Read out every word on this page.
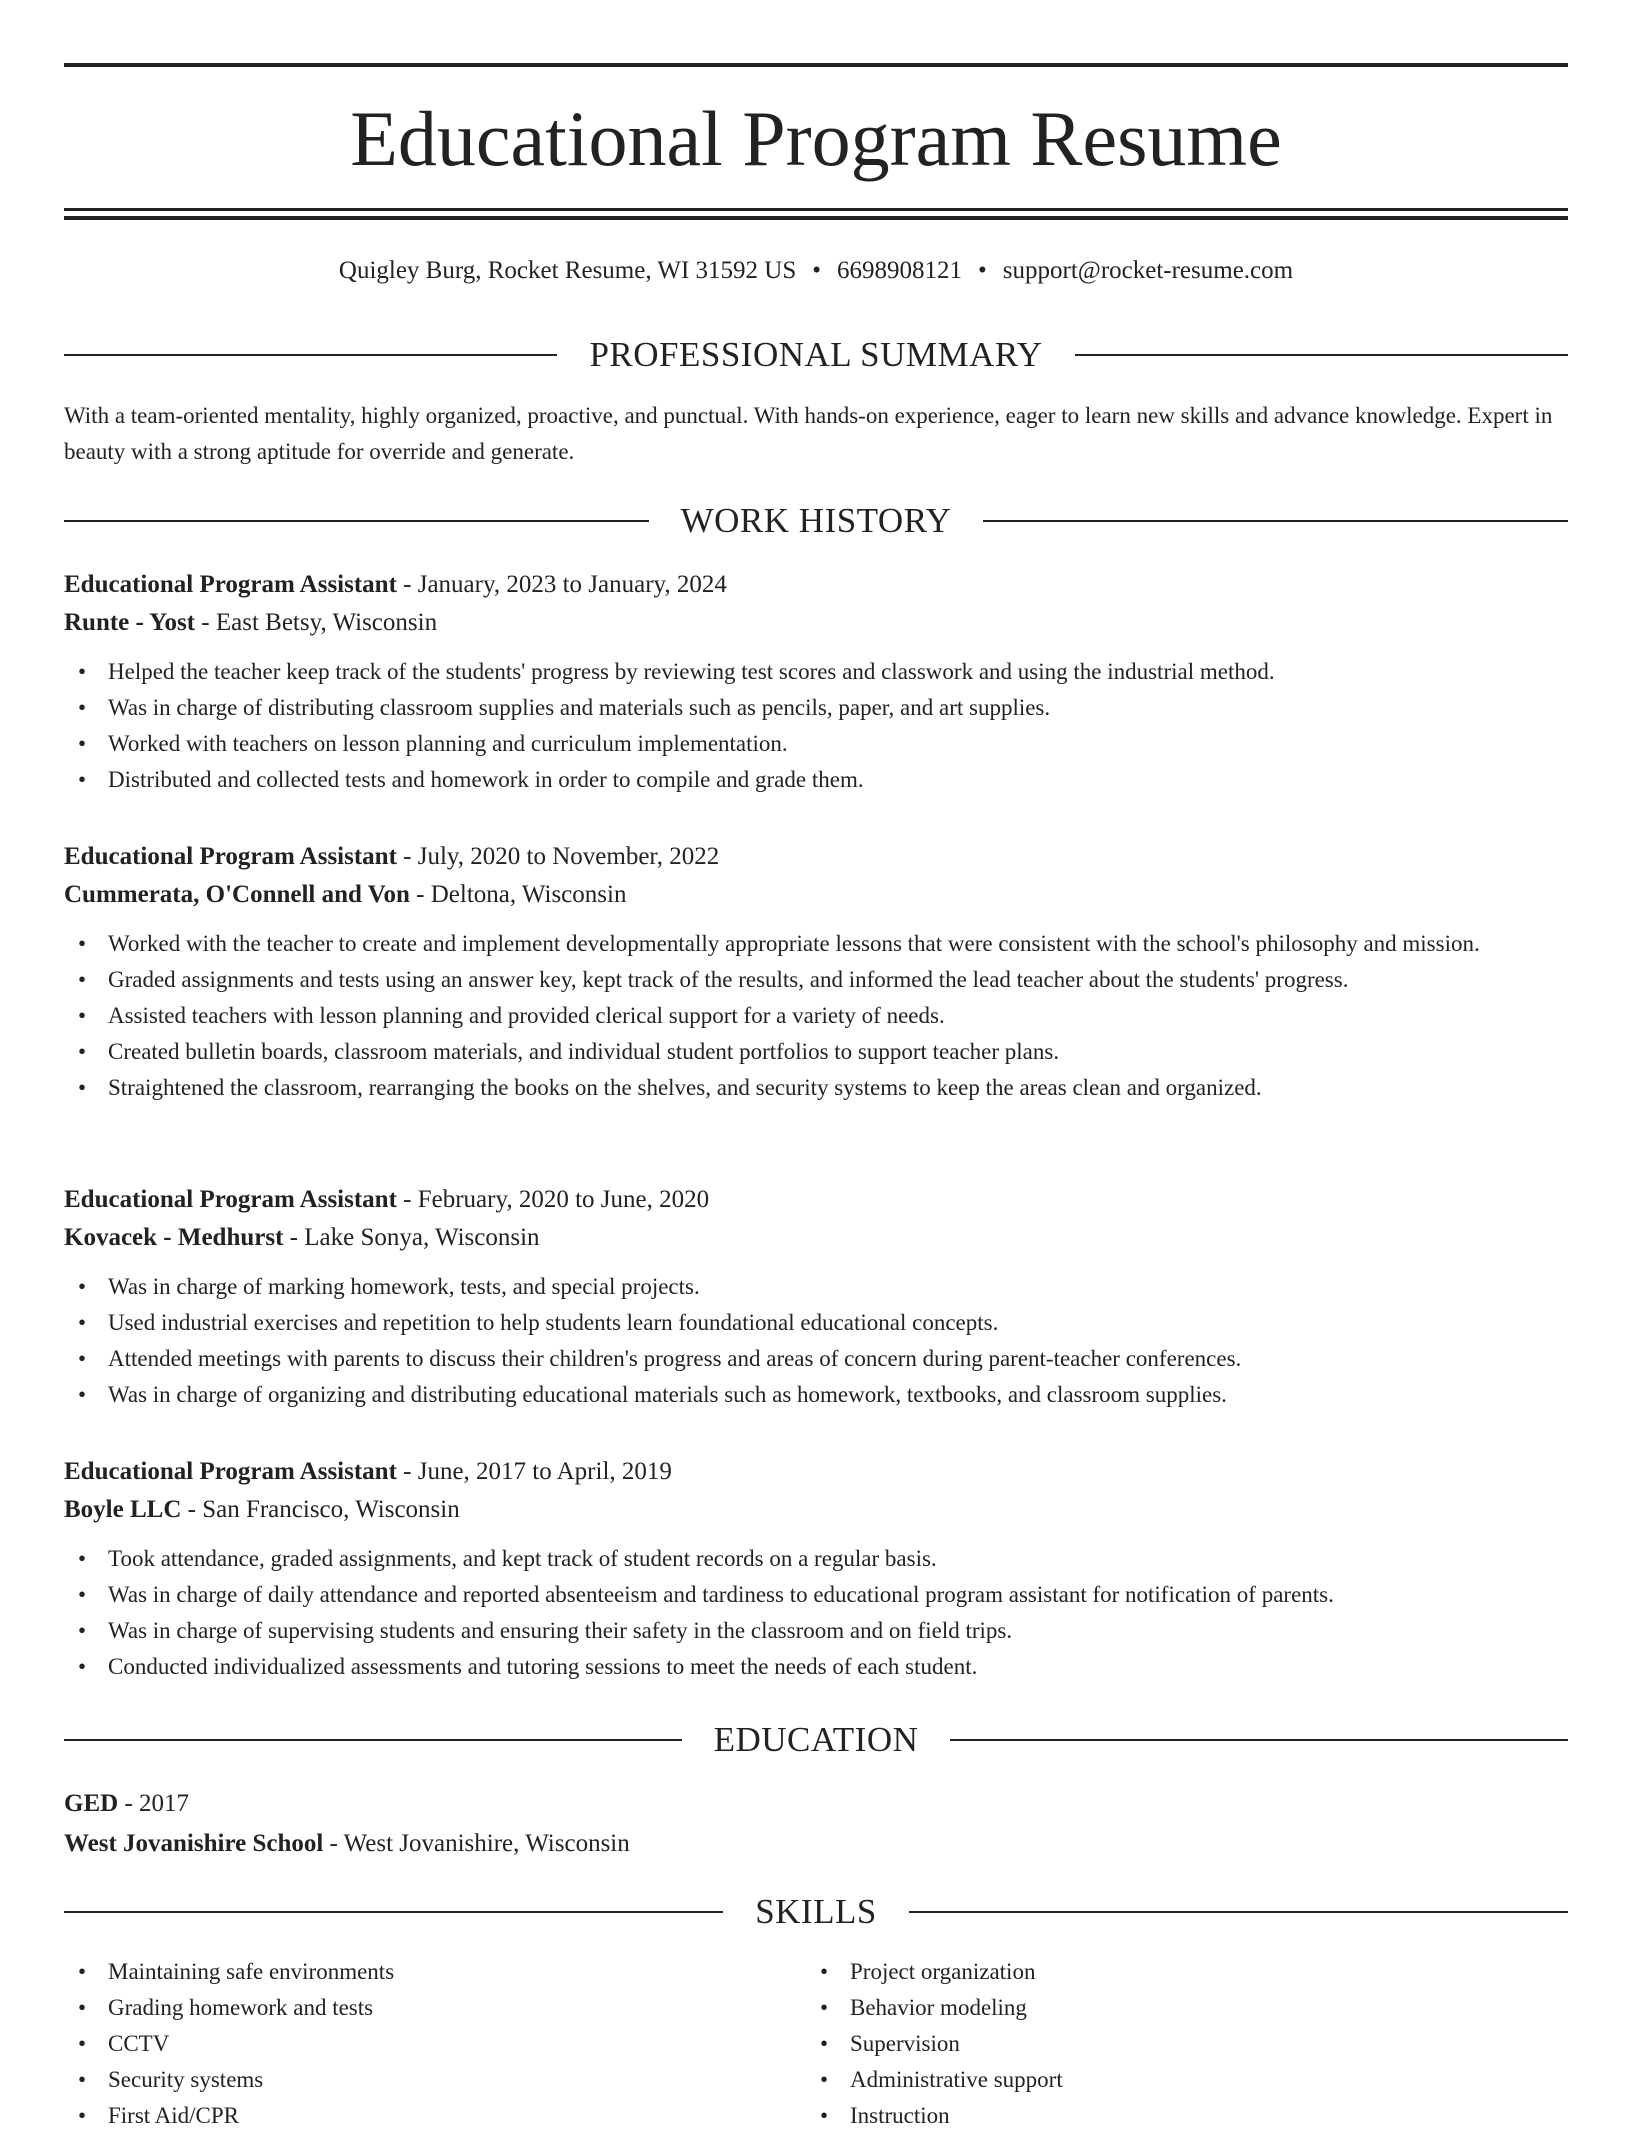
Educational Program Resume
Quigley Burg, Rocket Resume, WI 31592 US • 6698908121 • support@rocket-resume.com
PROFESSIONAL SUMMARY

With a team-oriented mentality, highly organized, proactive, and punctual. With hands-on experience, eager to learn new skills and advance knowledge. Expert in beauty with a strong aptitude for override and generate.

WORK HISTORY
Educational Program Assistant - January, 2023 to January, 2024
Runte - Yost - East Betsy, Wisconsin
• Helped the teacher keep track of the students' progress by reviewing test scores and classwork and using the industrial method.
• Was in charge of distributing classroom supplies and materials such as pencils, paper, and art supplies.
• Worked with teachers on lesson planning and curriculum implementation.
• Distributed and collected tests and homework in order to compile and grade them.
Educational Program Assistant - July, 2020 to November, 2022
Cummerata, O'Connell and Von - Deltona, Wisconsin
• Worked with the teacher to create and implement developmentally appropriate lessons that were consistent with the school's philosophy and mission.
• Graded assignments and tests using an answer key, kept track of the results, and informed the lead teacher about the students' progress.
• Assisted teachers with lesson planning and provided clerical support for a variety of needs.
• Created bulletin boards, classroom materials, and individual student portfolios to support teacher plans.
• Straightened the classroom, rearranging the books on the shelves, and security systems to keep the areas clean and organized.
Educational Program Assistant - February, 2020 to June, 2020
Kovacek - Medhurst - Lake Sonya, Wisconsin
• Was in charge of marking homework, tests, and special projects.
• Used industrial exercises and repetition to help students learn foundational educational concepts.
• Attended meetings with parents to discuss their children's progress and areas of concern during parent-teacher conferences.
• Was in charge of organizing and distributing educational materials such as homework, textbooks, and classroom supplies.
Educational Program Assistant - June, 2017 to April, 2019
Boyle LLC - San Francisco, Wisconsin
• Took attendance, graded assignments, and kept track of student records on a regular basis.
• Was in charge of daily attendance and reported absenteeism and tardiness to educational program assistant for notification of parents.
• Was in charge of supervising students and ensuring their safety in the classroom and on field trips.
• Conducted individualized assessments and tutoring sessions to meet the needs of each student.
EDUCATION
GED - 2017
West Jovanishire School - West Jovanishire, Wisconsin
SKILLS
• Maintaining safe environments
• Grading homework and tests
• CCTV
• Security systems
• First Aid/CPR
• Project organization
• Behavior modeling
• Supervision
• Administrative support
• Instruction
